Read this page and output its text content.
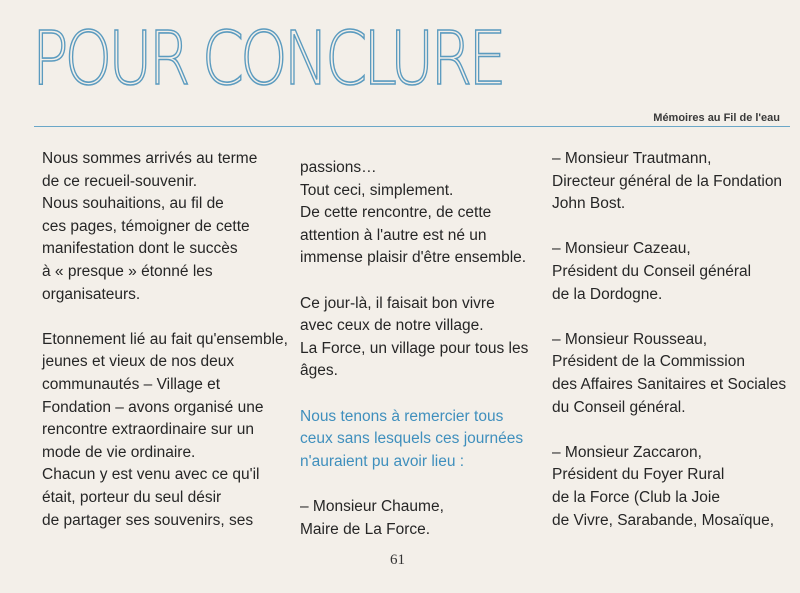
POUR CONCLURE
Mémoires au Fil de l'eau

Nous sommes arrivés au terme
de ce recueil-souvenir.
Nous souhaitions, au fil de
ces pages, témoigner de cette
manifestation dont le succès
à « presque » étonné les
organisateurs.

Etonnement lié au fait qu'ensemble,
jeunes et vieux de nos deux
communautés – Village et
Fondation – avons organisé une
rencontre extraordinaire sur un
mode de vie ordinaire.
Chacun y est venu avec ce qu'il
était, porteur du seul désir
de partager ses souvenirs, ses

passions…
Tout ceci, simplement.
De cette rencontre, de cette
attention à l'autre est né un
immense plaisir d'être ensemble.

Ce jour-là, il faisait bon vivre
avec ceux de notre village.
La Force, un village pour tous les
âges.

Nous tenons à remercier tous
ceux sans lesquels ces journées
n'auraient pu avoir lieu :

– Monsieur Chaume,
Maire de La Force.

– Monsieur Trautmann,
Directeur général de la Fondation
John Bost.

– Monsieur Cazeau,
Président du Conseil général
de la Dordogne.

– Monsieur Rousseau,
Président de la Commission
des Affaires Sanitaires et Sociales
du Conseil général.

– Monsieur Zaccaron,
Président du Foyer Rural
de la Force (Club la Joie
de Vivre, Sarabande, Mosaïque,

61
